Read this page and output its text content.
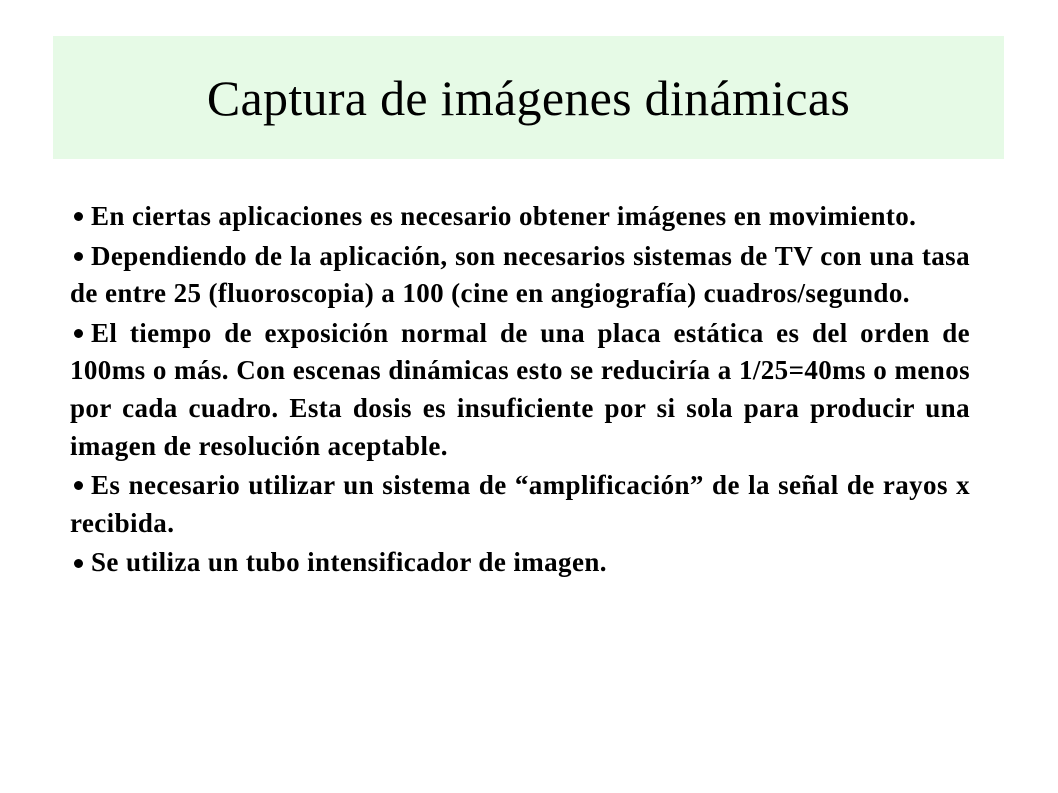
Captura de imágenes dinámicas

En ciertas aplicaciones es necesario obtener imágenes en movimiento.

Dependiendo de la aplicación, son necesarios sistemas de TV con una tasa de entre 25 (fluoroscopia) a 100 (cine en angiografía) cuadros/segundo.

El tiempo de exposición normal de una placa estática es del orden de 100ms o más. Con escenas dinámicas esto se reduciría a 1/25=40ms o menos por cada cuadro. Esta dosis es insuficiente por si sola para producir una imagen de resolución aceptable.

Es necesario utilizar un sistema de “amplificación” de la señal de rayos x recibida.

Se utiliza un tubo intensificador de imagen.
